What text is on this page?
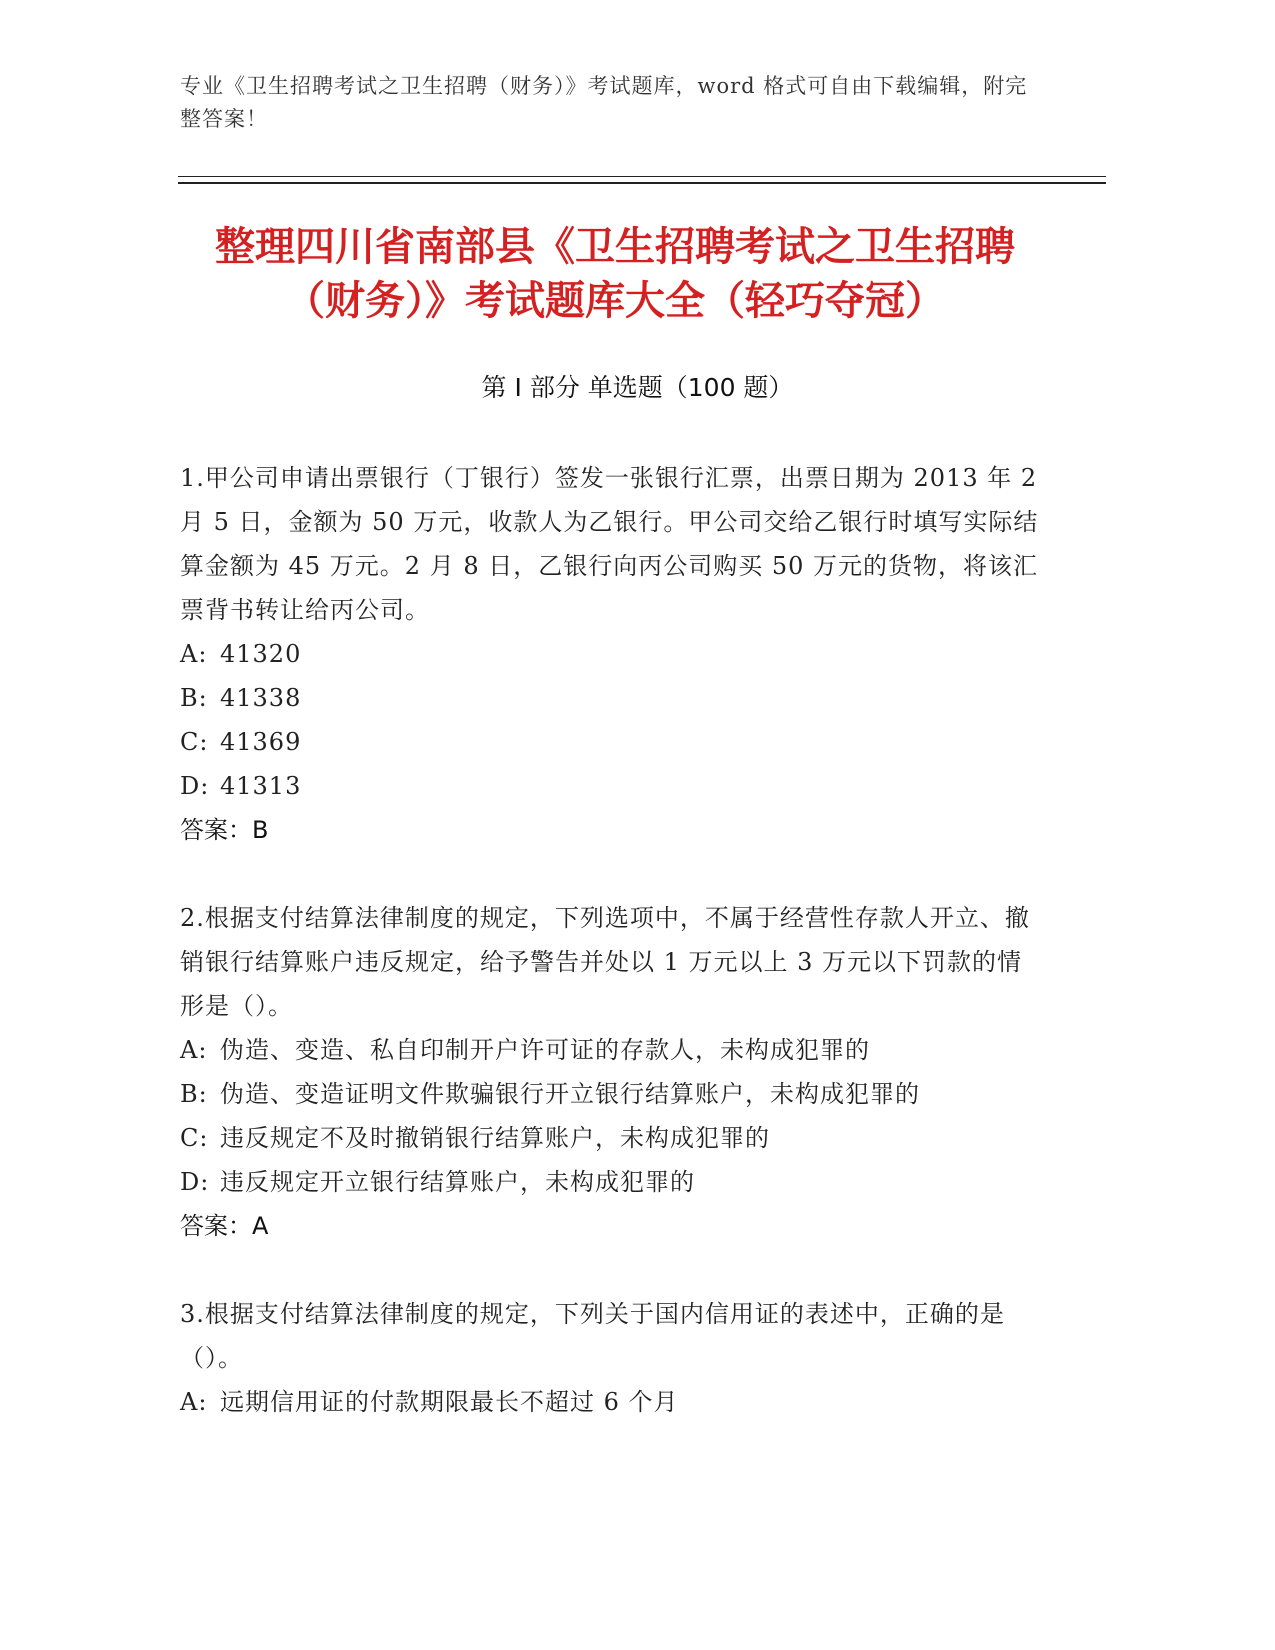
专业《卫生招聘考试之卫生招聘（财务）》考试题库，word 格式可自由下载编辑，附完整答案！
整理四川省南部县《卫生招聘考试之卫生招聘（财务）》考试题库大全（轻巧夺冠）
第 I 部分 单选题（100 题）
1.甲公司申请出票银行（丁银行）签发一张银行汇票，出票日期为 2013 年 2 月 5 日，金额为 50 万元，收款人为乙银行。甲公司交给乙银行时填写实际结算金额为 45 万元。2 月 8 日，乙银行向丙公司购买 50 万元的货物，将该汇票背书转让给丙公司。
A: 41320
B: 41338
C: 41369
D: 41313
答案：B
2.根据支付结算法律制度的规定，下列选项中，不属于经营性存款人开立、撤销银行结算账户违反规定，给予警告并处以 1 万元以上 3 万元以下罚款的情形是（）。
A: 伪造、变造、私自印制开户许可证的存款人，未构成犯罪的
B: 伪造、变造证明文件欺骗银行开立银行结算账户，未构成犯罪的
C: 违反规定不及时撤销银行结算账户，未构成犯罪的
D: 违反规定开立银行结算账户，未构成犯罪的
答案：A
3.根据支付结算法律制度的规定，下列关于国内信用证的表述中，正确的是（）。
A: 远期信用证的付款期限最长不超过 6 个月
